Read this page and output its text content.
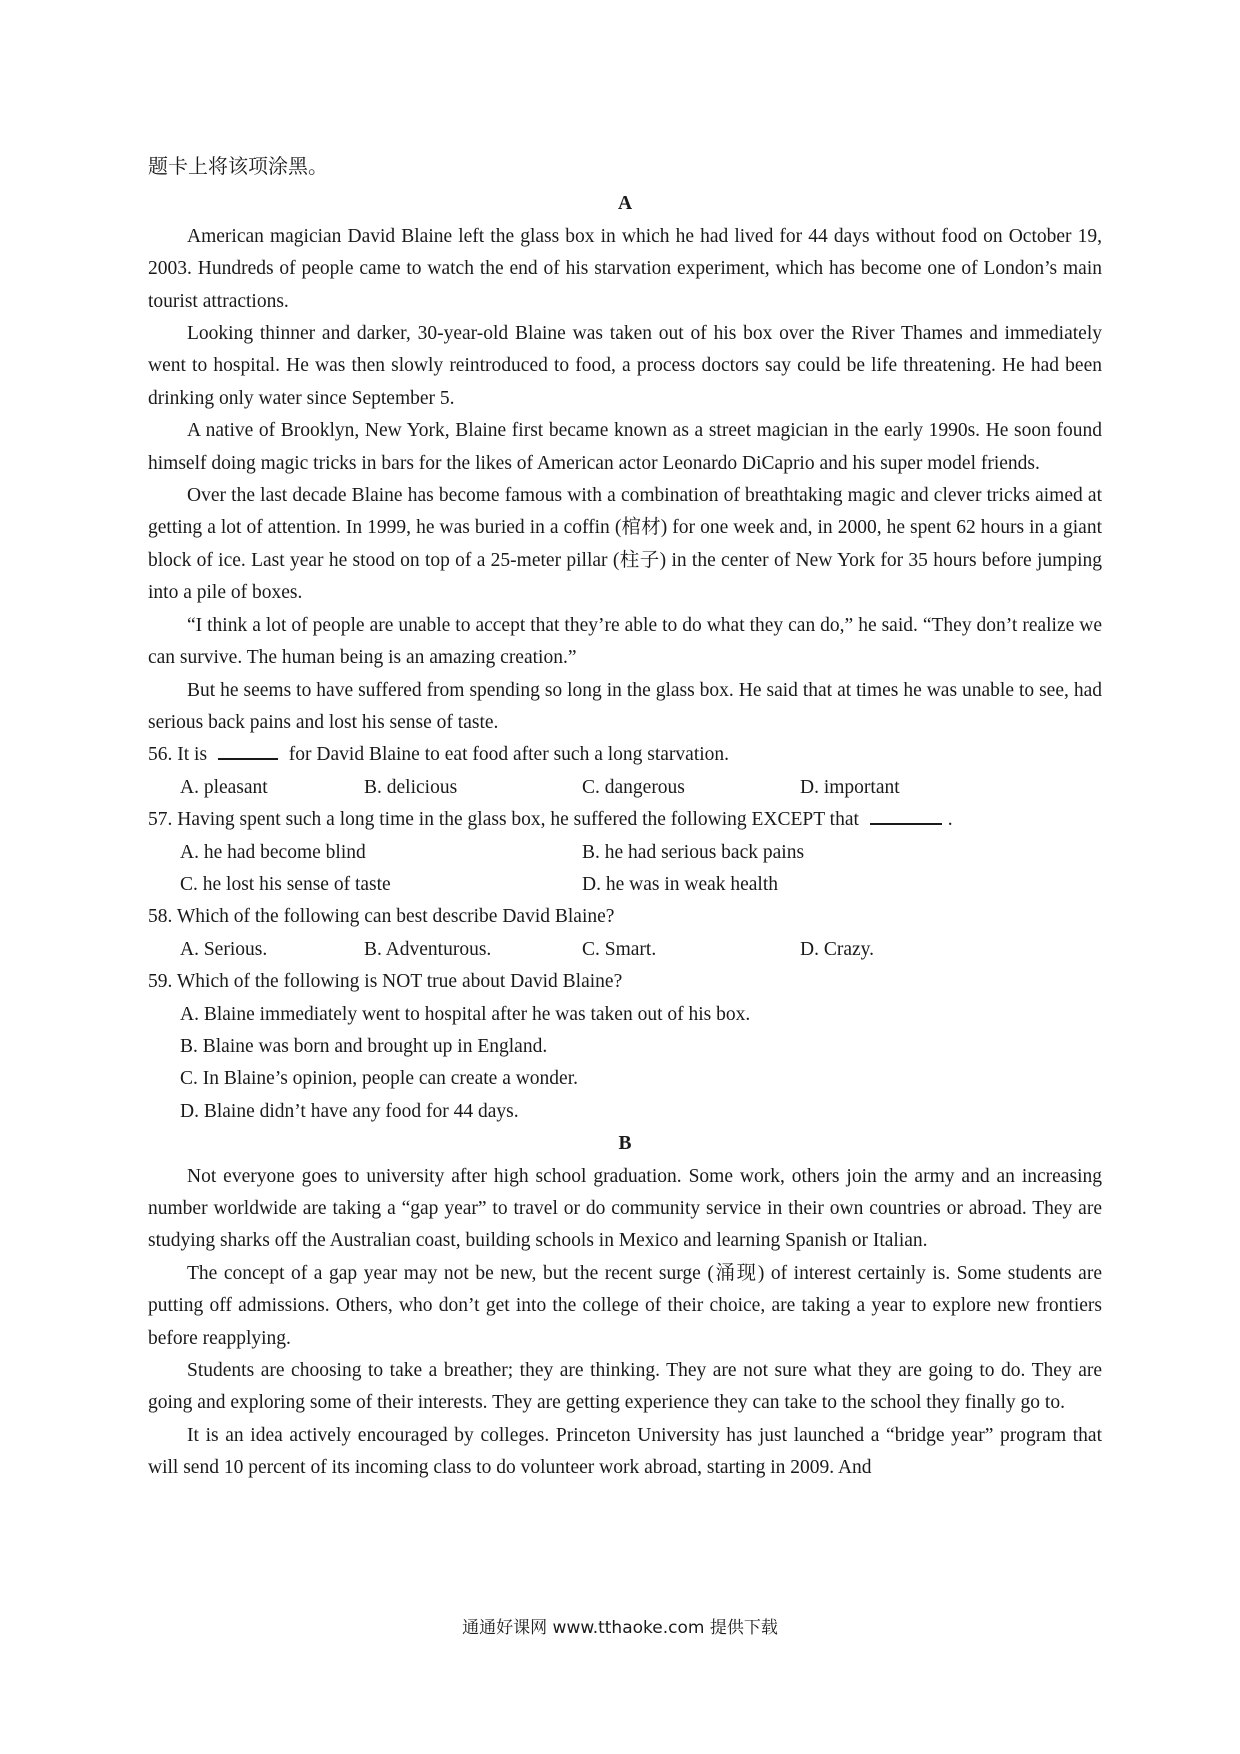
题卡上将该项涂黑。

A

American magician David Blaine left the glass box in which he had lived for 44 days without food on October 19, 2003. Hundreds of people came to watch the end of his starvation experiment, which has become one of London’s main tourist attractions.

Looking thinner and darker, 30-year-old Blaine was taken out of his box over the River Thames and immediately went to hospital. He was then slowly reintroduced to food, a process doctors say could be life threatening. He had been drinking only water since September 5.

A native of Brooklyn, New York, Blaine first became known as a street magician in the early 1990s. He soon found himself doing magic tricks in bars for the likes of American actor Leonardo DiCaprio and his super model friends.

Over the last decade Blaine has become famous with a combination of breathtaking magic and clever tricks aimed at getting a lot of attention. In 1999, he was buried in a coffin (棺材) for one week and, in 2000, he spent 62 hours in a giant block of ice. Last year he stood on top of a 25-meter pillar (柱子) in the center of New York for 35 hours before jumping into a pile of boxes.

“I think a lot of people are unable to accept that they’re able to do what they can do,” he said. “They don’t realize we can survive. The human being is an amazing creation.”

But he seems to have suffered from spending so long in the glass box. He said that at times he was unable to see, had serious back pains and lost his sense of taste.

56. It is	for David Blaine to eat food after such a long starvation.

A. pleasant	B. delicious	C. dangerous	D. important

57. Having spent such a long time in the glass box, he suffered the following EXCEPT that	.

A. he had become blind	B. he had serious back pains
C. he lost his sense of taste	D. he was in weak health

58. Which of the following can best describe David Blaine?

A. Serious.	B. Adventurous.	C. Smart.	D. Crazy.

59. Which of the following is NOT true about David Blaine?

A. Blaine immediately went to hospital after he was taken out of his box.

B. Blaine was born and brought up in England.

C. In Blaine’s opinion, people can create a wonder.

D. Blaine didn’t have any food for 44 days.

B

Not everyone goes to university after high school graduation. Some work, others join the army and an increasing number worldwide are taking a “gap year” to travel or do community service in their own countries or abroad. They are studying sharks off the Australian coast, building schools in Mexico and learning Spanish or Italian.

The concept of a gap year may not be new, but the recent surge (涌现) of interest certainly is. Some students are putting off admissions. Others, who don’t get into the college of their choice, are taking a year to explore new frontiers before reapplying.

Students are choosing to take a breather; they are thinking. They are not sure what they are going to do. They are going and exploring some of their interests. They are getting experience they can take to the school they finally go to.

It is an idea actively encouraged by colleges. Princeton University has just launched a “bridge year” program that will send 10 percent of its incoming class to do volunteer work abroad, starting in 2009. And

通通好课网 www.tthaoke.com 提供下载
